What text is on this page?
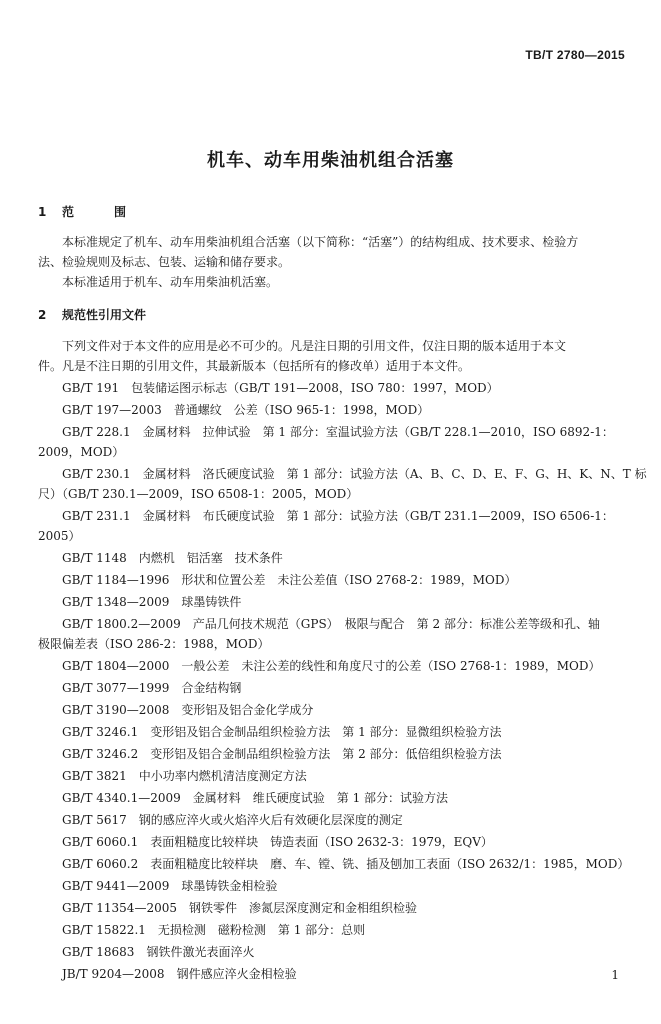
TB/T 2780—2015
机车、动车用柴油机组合活塞
1 范　围
本标准规定了机车、动车用柴油机组合活塞（以下简称：“活塞”）的结构组成、技术要求、检验方
法、检验规则及标志、包装、运输和储存要求。
本标准适用于机车、动车用柴油机活塞。
2 规范性引用文件
下列文件对于本文件的应用是必不可少的。凡是注日期的引用文件，仅注日期的版本适用于本文
件。凡是不注日期的引用文件，其最新版本（包括所有的修改单）适用于本文件。
GB/T 191　包装储运图示标志（GB/T 191—2008，ISO 780：1997，MOD）
GB/T 197—2003　普通螺纹　公差（ISO 965-1：1998，MOD）
GB/T 228.1　金属材料　拉伸试验　第 1 部分：室温试验方法（GB/T 228.1—2010，ISO 6892-1：
2009，MOD）
GB/T 230.1　金属材料　洛氏硬度试验　第 1 部分：试验方法（A、B、C、D、E、F、G、H、K、N、T 标
尺）（GB/T 230.1—2009，ISO 6508-1：2005，MOD）
GB/T 231.1　金属材料　布氏硬度试验　第 1 部分：试验方法（GB/T 231.1—2009，ISO 6506-1：
2005）
GB/T 1148　内燃机　铝活塞　技术条件
GB/T 1184—1996　形状和位置公差　未注公差值（ISO 2768-2：1989，MOD）
GB/T 1348—2009　球墨铸铁件
GB/T 1800.2—2009　产品几何技术规范（GPS）　极限与配合　第 2 部分：标准公差等级和孔、轴
极限偏差表（ISO 286-2：1988，MOD）
GB/T 1804—2000　一般公差　未注公差的线性和角度尺寸的公差（ISO 2768-1：1989，MOD）
GB/T 3077—1999　合金结构钢
GB/T 3190—2008　变形铝及铝合金化学成分
GB/T 3246.1　变形铝及铝合金制品组织检验方法　第 1 部分：显微组织检验方法
GB/T 3246.2　变形铝及铝合金制品组织检验方法　第 2 部分：低倍组织检验方法
GB/T 3821　中小功率内燃机清洁度测定方法
GB/T 4340.1—2009　金属材料　维氏硬度试验　第 1 部分：试验方法
GB/T 5617　钢的感应淬火或火焰淬火后有效硬化层深度的测定
GB/T 6060.1　表面粗糙度比较样块　铸造表面（ISO 2632-3：1979，EQV）
GB/T 6060.2　表面粗糙度比较样块　磨、车、镗、铣、插及刨加工表面（ISO 2632/1：1985，MOD）
GB/T 9441—2009　球墨铸铁金相检验
GB/T 11354—2005　钢铁零件　渗氮层深度测定和金相组织检验
GB/T 15822.1　无损检测　磁粉检测　第 1 部分：总则
GB/T 18683　钢铁件激光表面淬火
JB/T 9204—2008　钢件感应淬火金相检验	1
